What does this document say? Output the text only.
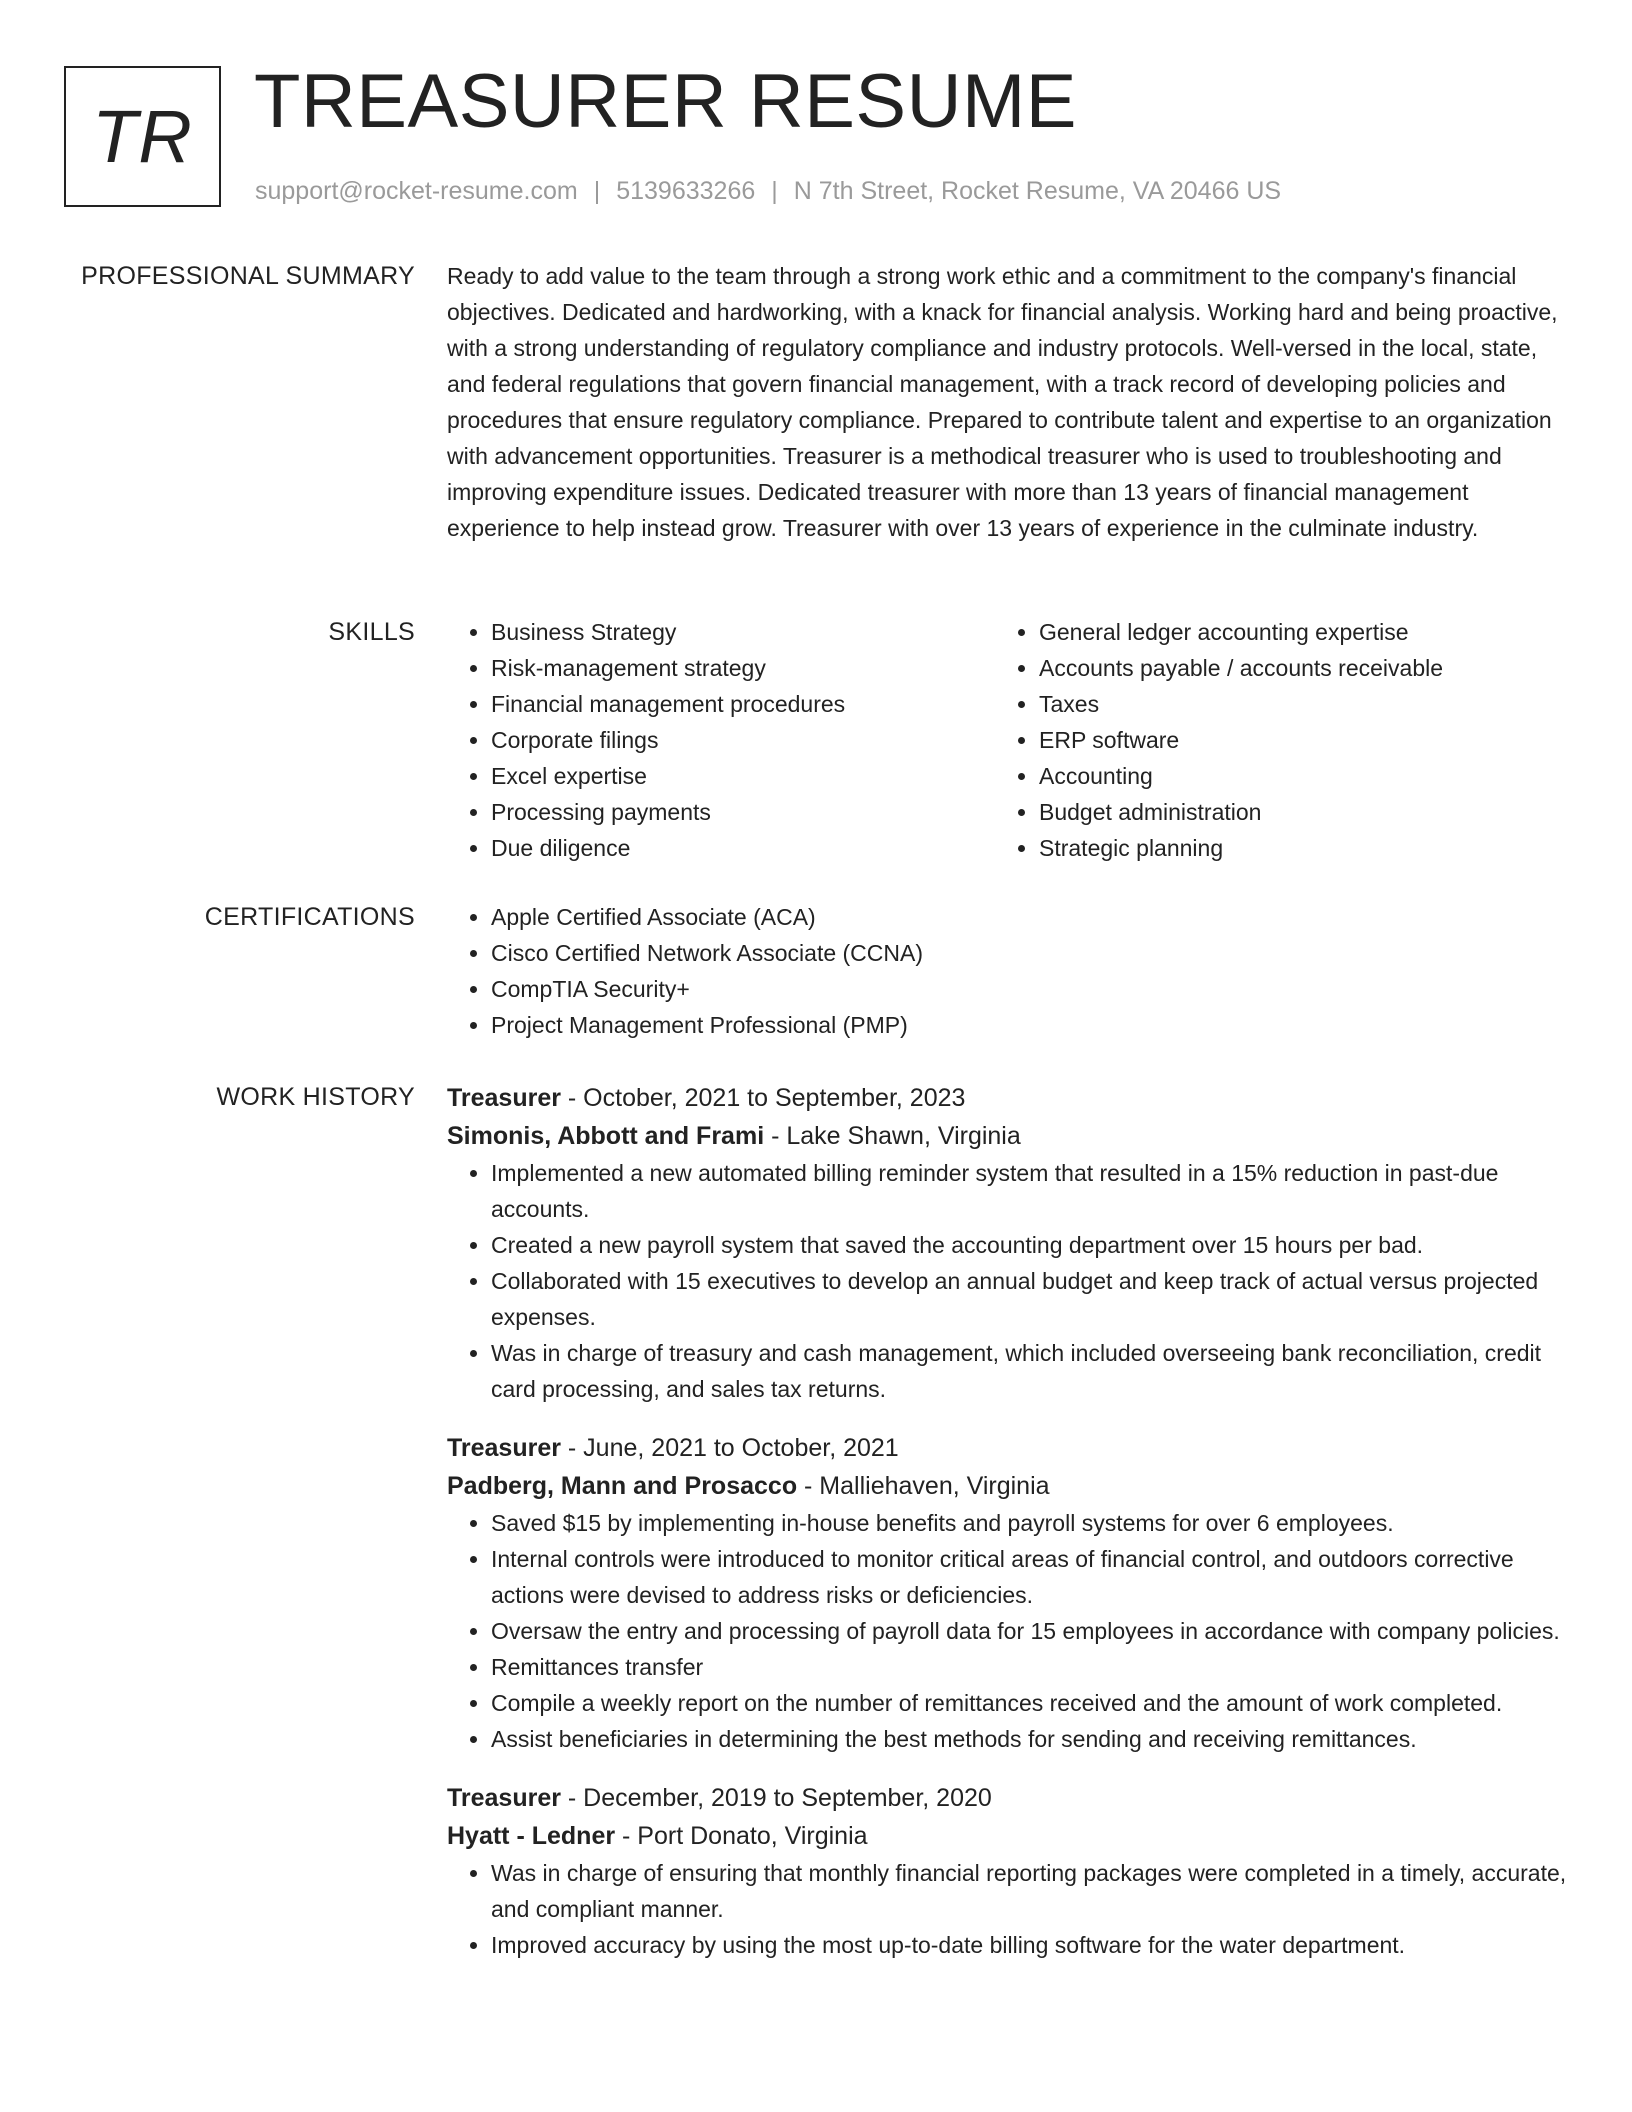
TR TREASURER RESUME
support@rocket-resume.com | 5139633266 | N 7th Street, Rocket Resume, VA 20466 US
PROFESSIONAL SUMMARY Ready to add value to the team through a strong work ethic and a commitment to the company's financial objectives. Dedicated and hardworking, with a knack for financial analysis. Working hard and being proactive, with a strong understanding of regulatory compliance and industry protocols. Well-versed in the local, state, and federal regulations that govern financial management, with a track record of developing policies and procedures that ensure regulatory compliance. Prepared to contribute talent and expertise to an organization with advancement opportunities. Treasurer is a methodical treasurer who is used to troubleshooting and improving expenditure issues. Dedicated treasurer with more than 13 years of financial management experience to help instead grow. Treasurer with over 13 years of experience in the culminate industry.

SKILLS	• Business Strategy
• Risk-management strategy
• Financial management procedures
• Corporate filings
• Excel expertise
• Processing payments
• Due diligence
• General ledger accounting expertise
• Accounts payable / accounts receivable
• Taxes
• ERP software
• Accounting
• Budget administration
• Strategic planning
CERTIFICATIONS	• Apple Certified Associate (ACA)
• Cisco Certified Network Associate (CCNA)
• CompTIA Security+
• Project Management Professional (PMP)
WORK HISTORY Treasurer - October, 2021 to September, 2023
Simonis, Abbott and Frami - Lake Shawn, Virginia
• Implemented a new automated billing reminder system that resulted in a 15% reduction in past-due accounts.
• Created a new payroll system that saved the accounting department over 15 hours per bad.
• Collaborated with 15 executives to develop an annual budget and keep track of actual versus projected expenses.
• Was in charge of treasury and cash management, which included overseeing bank reconciliation, credit card processing, and sales tax returns.
Treasurer - June, 2021 to October, 2021
Padberg, Mann and Prosacco - Malliehaven, Virginia
• Saved $15 by implementing in-house benefits and payroll systems for over 6 employees.
• Internal controls were introduced to monitor critical areas of financial control, and outdoors corrective actions were devised to address risks or deficiencies.
• Oversaw the entry and processing of payroll data for 15 employees in accordance with company policies.
• Remittances transfer
• Compile a weekly report on the number of remittances received and the amount of work completed.
• Assist beneficiaries in determining the best methods for sending and receiving remittances.
Treasurer - December, 2019 to September, 2020
Hyatt - Ledner - Port Donato, Virginia
• Was in charge of ensuring that monthly financial reporting packages were completed in a timely, accurate, and compliant manner.
• Improved accuracy by using the most up-to-date billing software for the water department.
